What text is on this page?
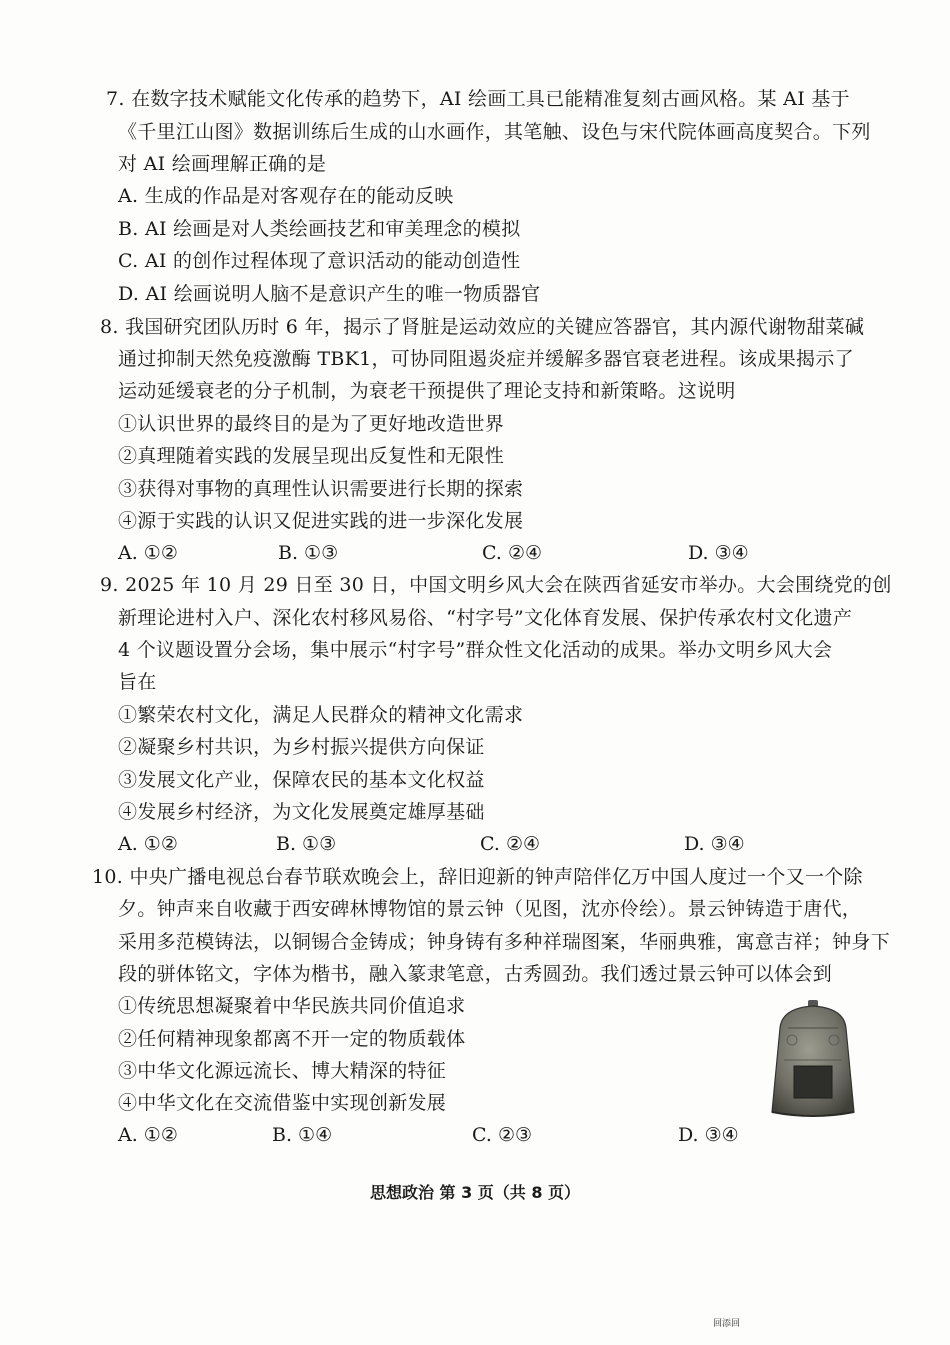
7. 在数字技术赋能文化传承的趋势下，AI 绘画工具已能精准复刻古画风格。某 AI 基于
《千里江山图》数据训练后生成的山水画作，其笔触、设色与宋代院体画高度契合。下列
对 AI 绘画理解正确的是
A. 生成的作品是对客观存在的能动反映
B. AI 绘画是对人类绘画技艺和审美理念的模拟
C. AI 的创作过程体现了意识活动的能动创造性
D. AI 绘画说明人脑不是意识产生的唯一物质器官
8. 我国研究团队历时 6 年，揭示了肾脏是运动效应的关键应答器官，其内源代谢物甜菜碱
通过抑制天然免疫激酶 TBK1，可协同阻遏炎症并缓解多器官衰老进程。该成果揭示了
运动延缓衰老的分子机制，为衰老干预提供了理论支持和新策略。这说明
①认识世界的最终目的是为了更好地改造世界
②真理随着实践的发展呈现出反复性和无限性
③获得对事物的真理性认识需要进行长期的探索
④源于实践的认识又促进实践的进一步深化发展
A. ①②	B. ①③	C. ②④	D. ③④
9. 2025 年 10 月 29 日至 30 日，中国文明乡风大会在陕西省延安市举办。大会围绕党的创
新理论进村入户、深化农村移风易俗、“村字号”文化体育发展、保护传承农村文化遗产
4 个议题设置分会场，集中展示“村字号”群众性文化活动的成果。举办文明乡风大会
旨在
①繁荣农村文化，满足人民群众的精神文化需求
②凝聚乡村共识，为乡村振兴提供方向保证
③发展文化产业，保障农民的基本文化权益
④发展乡村经济，为文化发展奠定雄厚基础
A. ①②	B. ①③	C. ②④	D. ③④
10. 中央广播电视总台春节联欢晚会上，辞旧迎新的钟声陪伴亿万中国人度过一个又一个除
夕。钟声来自收藏于西安碑林博物馆的景云钟（见图，沈亦伶绘）。景云钟铸造于唐代，
采用多范模铸法，以铜锡合金铸成；钟身铸有多种祥瑞图案，华丽典雅，寓意吉祥；钟身下
段的骈体铭文，字体为楷书，融入篆隶笔意，古秀圆劲。我们透过景云钟可以体会到
①传统思想凝聚着中华民族共同价值追求
②任何精神现象都离不开一定的物质载体
③中华文化源远流长、博大精深的特征
④中华文化在交流借鉴中实现创新发展
A. ①②	B. ①④	C. ②③	D. ③④
思想政治 第 3 页（共 8 页）
回添回
